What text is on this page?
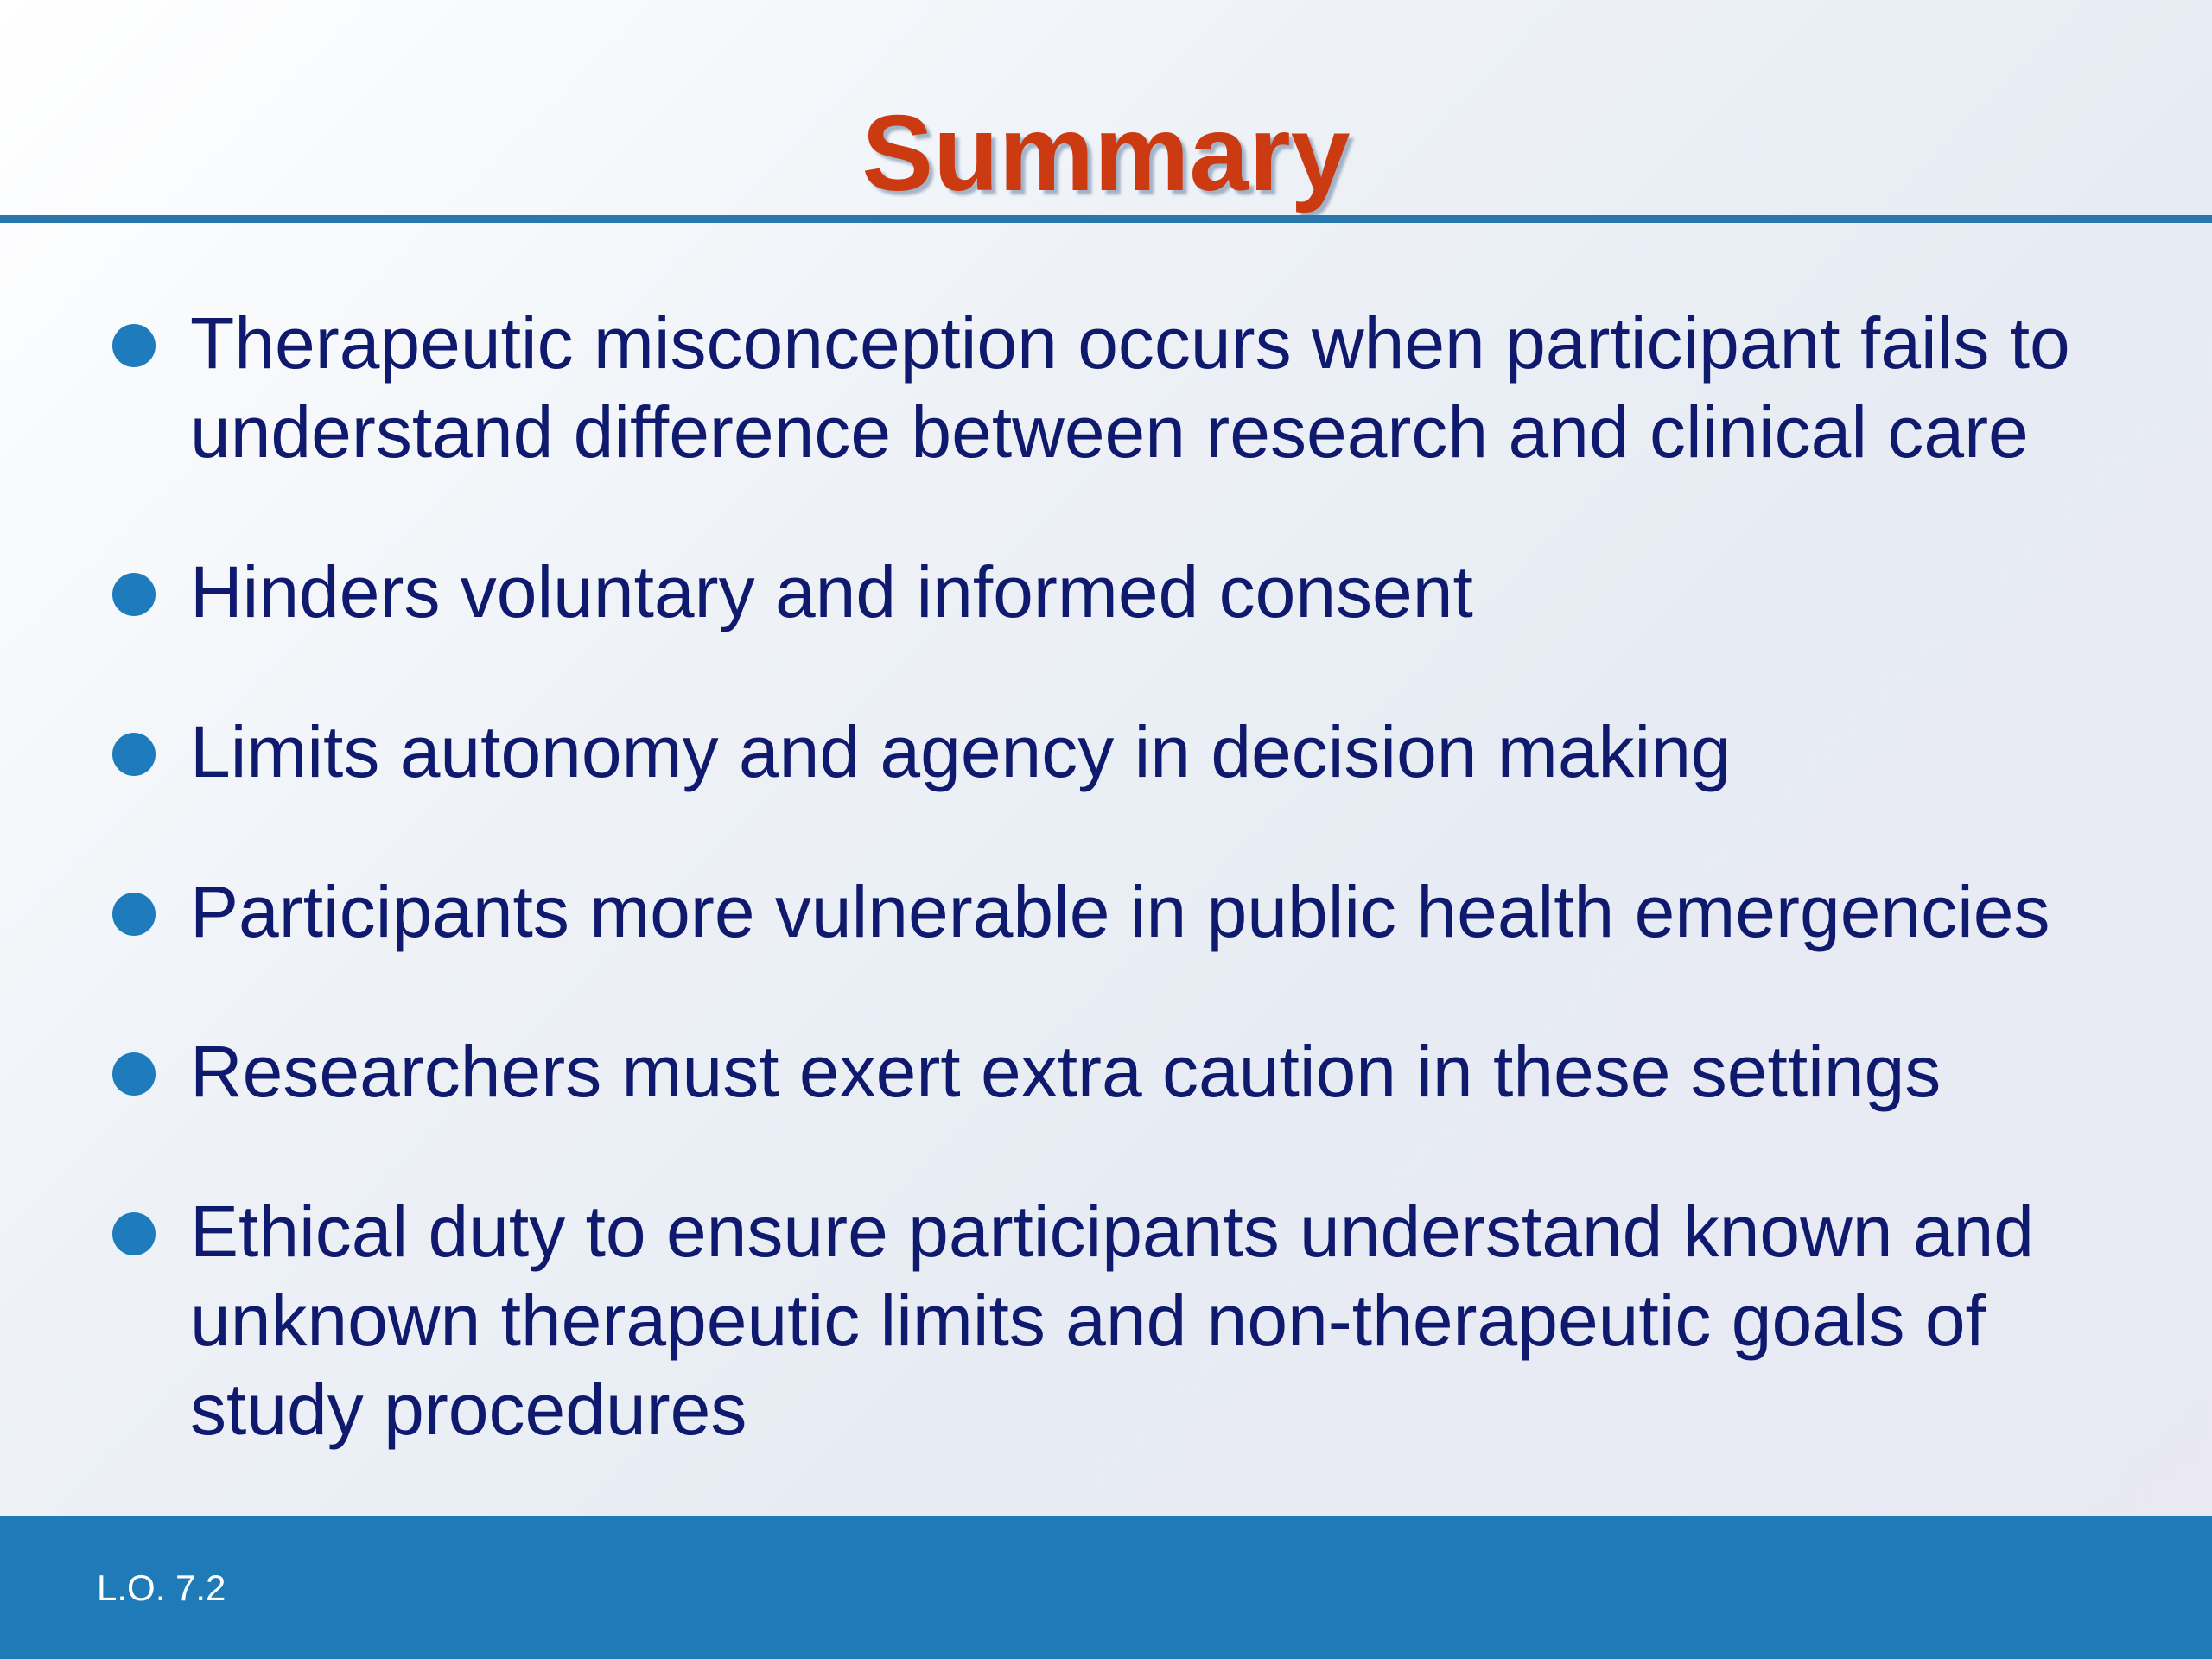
Summary
Therapeutic misconception occurs when participant fails to understand difference between research and clinical care
Hinders voluntary and informed consent
Limits autonomy and agency in decision making
Participants more vulnerable in public health emergencies
Researchers must exert extra caution in these settings
Ethical duty to ensure participants understand known and unknown therapeutic limits and non-therapeutic goals of study procedures
L.O. 7.2
